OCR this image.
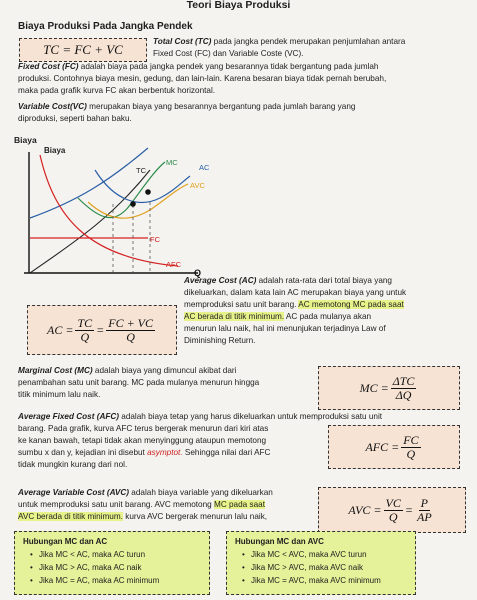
Teori Biaya Produksi
Biaya Produksi Pada Jangka Pendek
TC = FC + VC
Total Cost (TC) pada jangka pendek merupakan penjumlahan antara
Fixed Cost (FC) dan Variable Coste (VC).
Fixed Cost (FC) adalah biaya pada jangka pendek yang besarannya tidak bergantung pada jumlah
produksi. Contohnya biaya mesin, gedung, dan lain-lain. Karena besaran biaya tidak pernah berubah,
maka pada grafik kurva FC akan berbentuk horizontal.
Variable Cost(VC) merupakan biaya yang besarannya bergantung pada jumlah barang yang
diproduksi, seperti bahan baku.
Biaya
Biaya
TC
MC
AC
AVC
FC
AFC
Q
Average Cost (AC) adalah rata-rata dari total biaya yang
dikeluarkan, dalam kata lain AC merupakan biaya yang untuk
memproduksi satu unit barang. AC memotong MC pada saat
AC berada di titik minimum. AC pada mulanya akan
menurun lalu naik, hal ini menunjukan terjadinya Law of
Diminishing Return.
AC = $\frac{TC}{Q} = \frac{FC + VC}{Q}$
Marginal Cost (MC) adalah biaya yang dimuncul akibat dari
penambahan satu unit barang. MC pada mulanya menurun hingga
titik minimum lalu naik.	MC = $\frac{\text{ΔTC}}{\Delta Q}$
Average Fixed Cost (AFC) adalah biaya tetap yang harus dikeluarkan untuk memproduksi satu unit
barang. Pada grafik, kurva AFC terus bergerak menurun dari kiri atas
ke kanan bawah, tetapi tidak akan menyinggung ataupun memotong
sumbu x dan y, kejadian ini disebut asymptot. Sehingga nilai dari AFC
tidak mungkin kurang dari nol.
AFC = $\frac{FC}{Q}$
Average Variable Cost (AVC) adalah biaya variable yang dikeluarkan
untuk memproduksi satu unit barang. AVC memotong MC pada saat
AVC berada di titik minimum. kurva AVC bergerak menurun lalu naik,	AVC = $\frac{VC}{Q} = \frac{P}{AP}$
Hubungan MC dan AC
• Jika MC < AC, maka AC turun
• Jika MC > AC, maka AC naik
• Jika MC = AC, maka AC minimum
Hubungan MC dan AVC
• Jika MC < AVC, maka AVC turun
• Jika MC > AVC, maka AVC naik
• Jika MC = AVC, maka AVC minimum
